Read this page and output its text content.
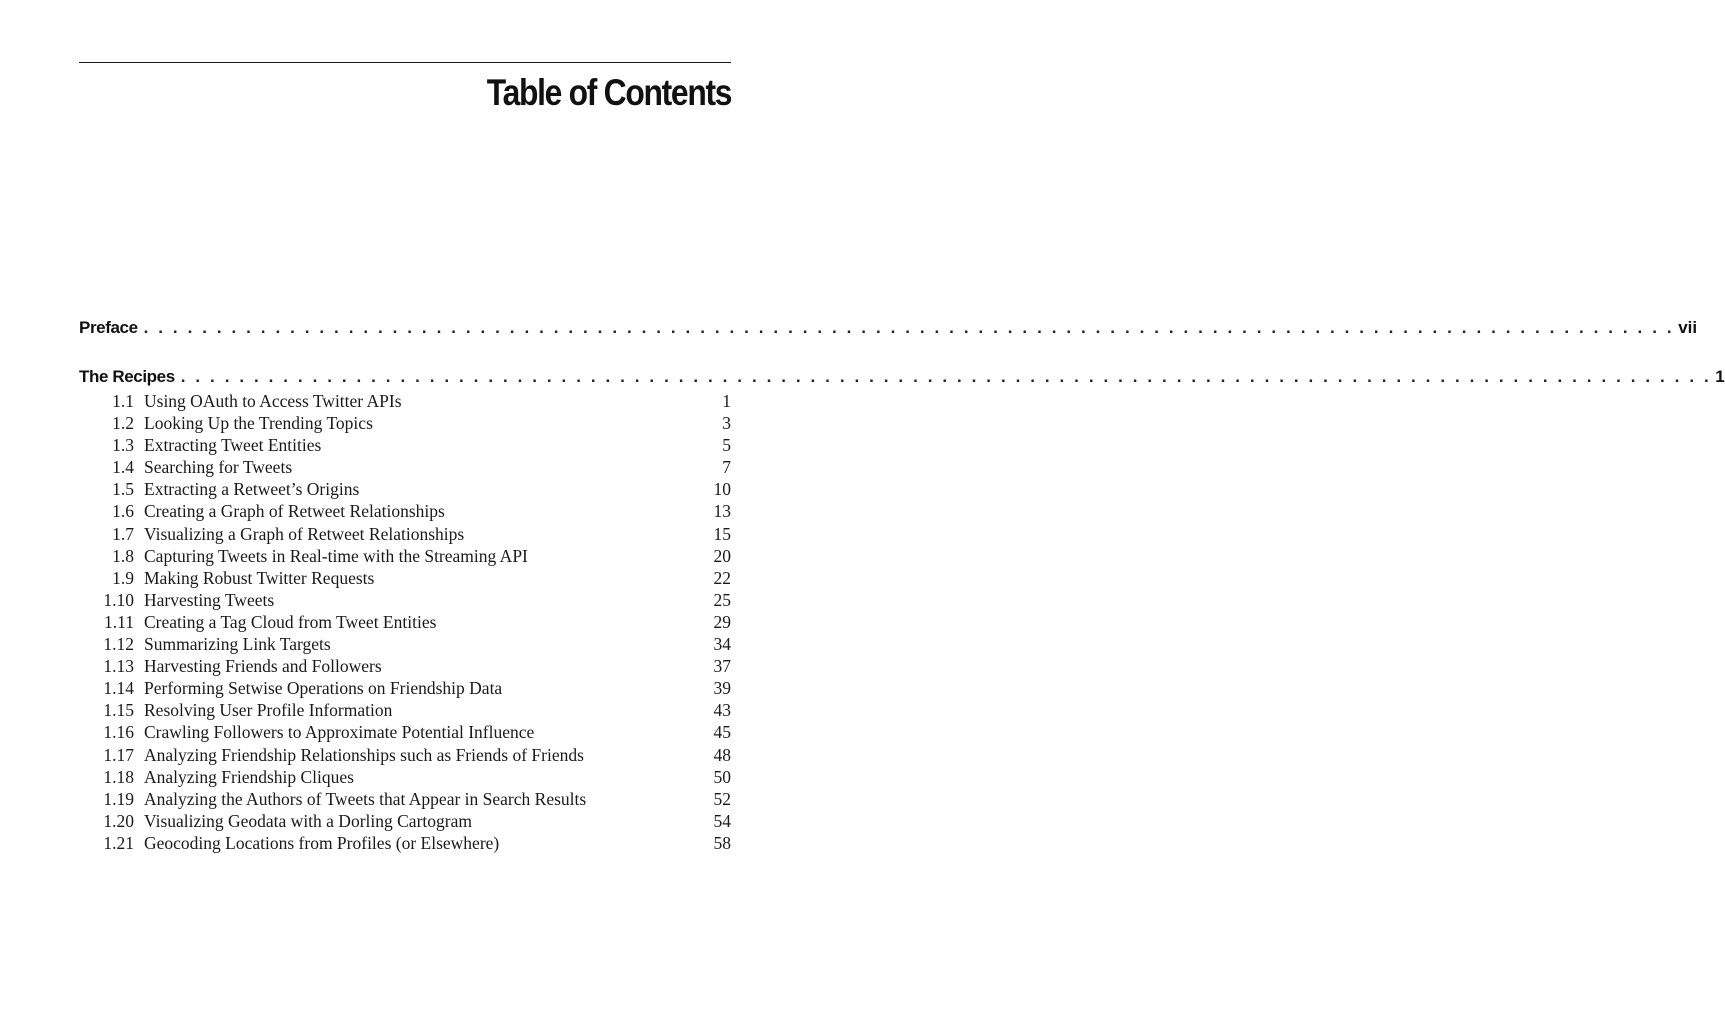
Table of Contents
Preface . . . . . . . . . . . . . . . . . . . . . . . . . . . . . . . . . . . . . . . . . . . . . . . . . . . . . . . . . . . . . . . . . . . . . . . . . . . . . . . . . . . . . . . . . . . . . . . . . . . . . . . . . vii
The Recipes . . . . . . . . . . . . . . . . . . . . . . . . . . . . . . . . . . . . . . . . . . . . . . . . . . . . . . . . . . . . . . . . . . . . . . . . . . . . . . . . . . . . . . . . . . . . . . . . . . . . . . . . . 1
1.1 Using OAuth to Access Twitter APIs	1
1.2 Looking Up the Trending Topics	3
1.3 Extracting Tweet Entities	5
1.4 Searching for Tweets	7
1.5 Extracting a Retweet’s Origins	10
1.6 Creating a Graph of Retweet Relationships	13
1.7 Visualizing a Graph of Retweet Relationships	15
1.8 Capturing Tweets in Real-time with the Streaming API	20
1.9 Making Robust Twitter Requests	22
1.10 Harvesting Tweets	25
1.11 Creating a Tag Cloud from Tweet Entities	29
1.12 Summarizing Link Targets	34
1.13 Harvesting Friends and Followers	37
1.14 Performing Setwise Operations on Friendship Data	39
1.15 Resolving User Profile Information	43
1.16 Crawling Followers to Approximate Potential Influence	45
1.17 Analyzing Friendship Relationships such as Friends of Friends	48
1.18 Analyzing Friendship Cliques	50
1.19 Analyzing the Authors of Tweets that Appear in Search Results	52
1.20 Visualizing Geodata with a Dorling Cartogram	54
1.21 Geocoding Locations from Profiles (or Elsewhere)	58
